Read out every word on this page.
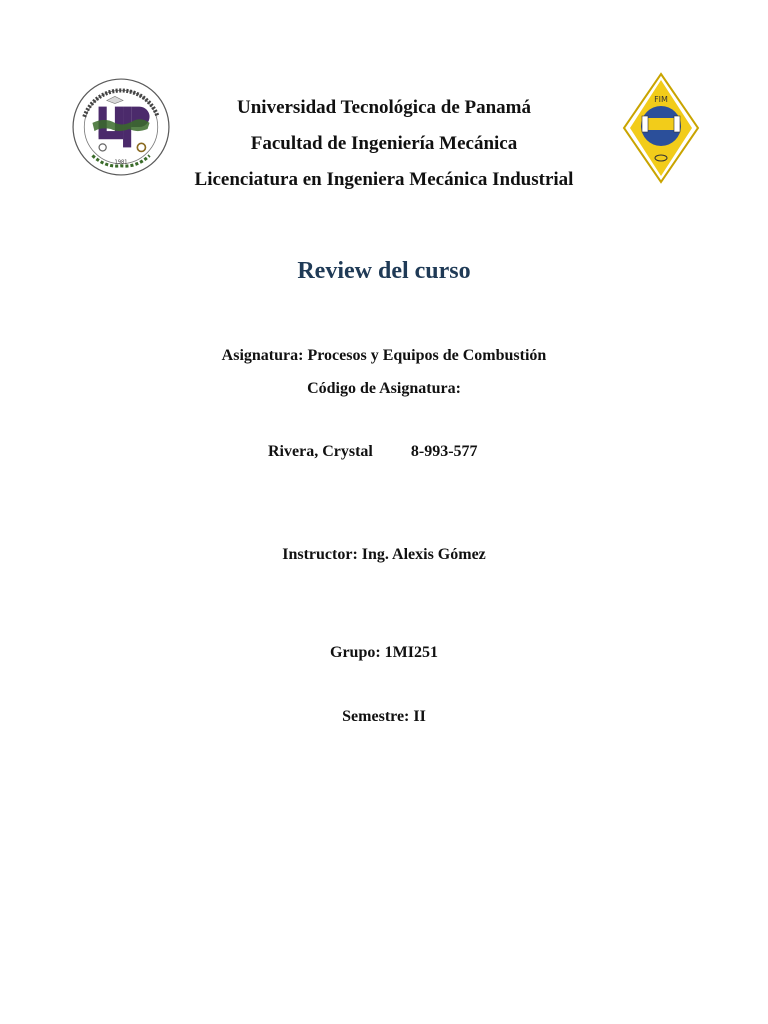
1981
FIM
Universidad Tecnológica de Panamá
Facultad de Ingeniería Mecánica
Licenciatura en Ingeniera Mecánica Industrial
Review del curso
Asignatura: Procesos y Equipos de Combustión
Código de Asignatura:
Rivera, Crystal 8-993-577
Instructor: Ing. Alexis Gómez
Grupo: 1MI251
Semestre: II
